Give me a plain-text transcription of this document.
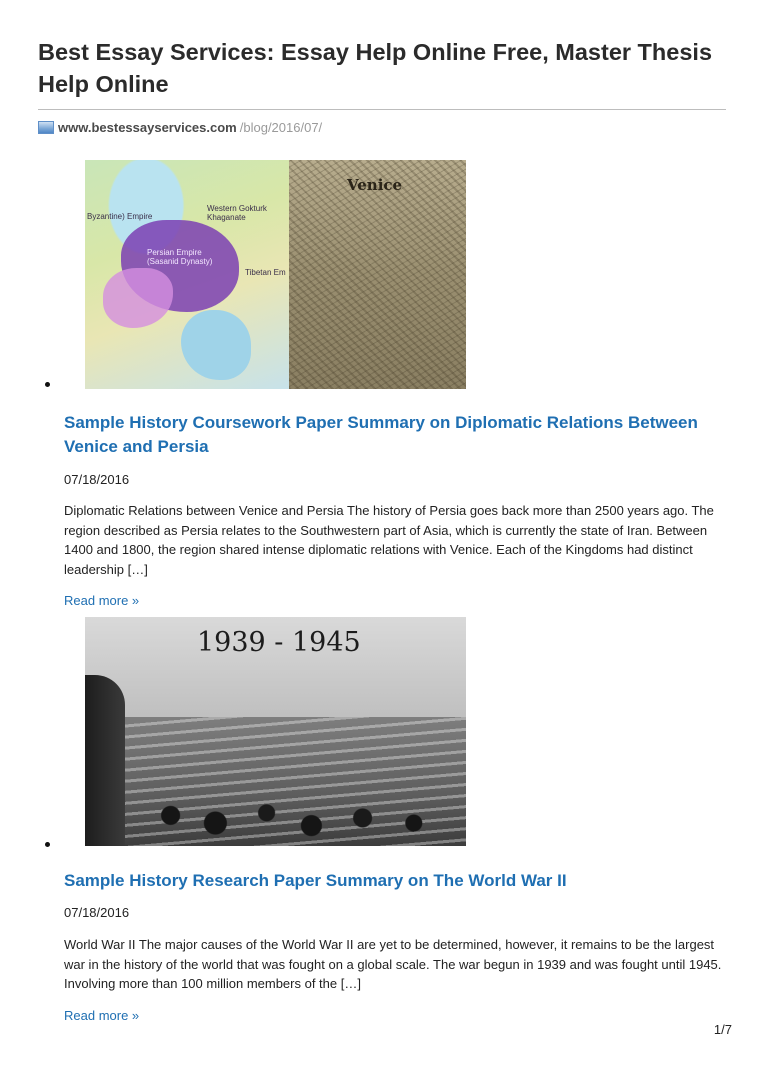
Best Essay Services: Essay Help Online Free, Master Thesis Help Online
www.bestessayservices.com /blog/2016/07/
Byzantine) Empire
Persian Empire (Sasanid Dynasty)
Western Gokturk Khaganate
Tibetan Em
Venice
Sample History Coursework Paper Summary on Diplomatic Relations Between Venice and Persia
07/18/2016

Diplomatic Relations between Venice and Persia The history of Persia goes back more than 2500 years ago. The region described as Persia relates to the Southwestern part of Asia, which is currently the state of Iran. Between 1400 and 1800, the region shared intense diplomatic relations with Venice. Each of the Kingdoms had distinct leadership […]

Read more »
1939 - 1945
Sample History Research Paper Summary on The World War II
07/18/2016

World War II The major causes of the World War II are yet to be determined, however, it remains to be the largest war in the history of the world that was fought on a global scale. The war begun in 1939 and was fought until 1945. Involving more than 100 million members of the […]

Read more »
1/7
